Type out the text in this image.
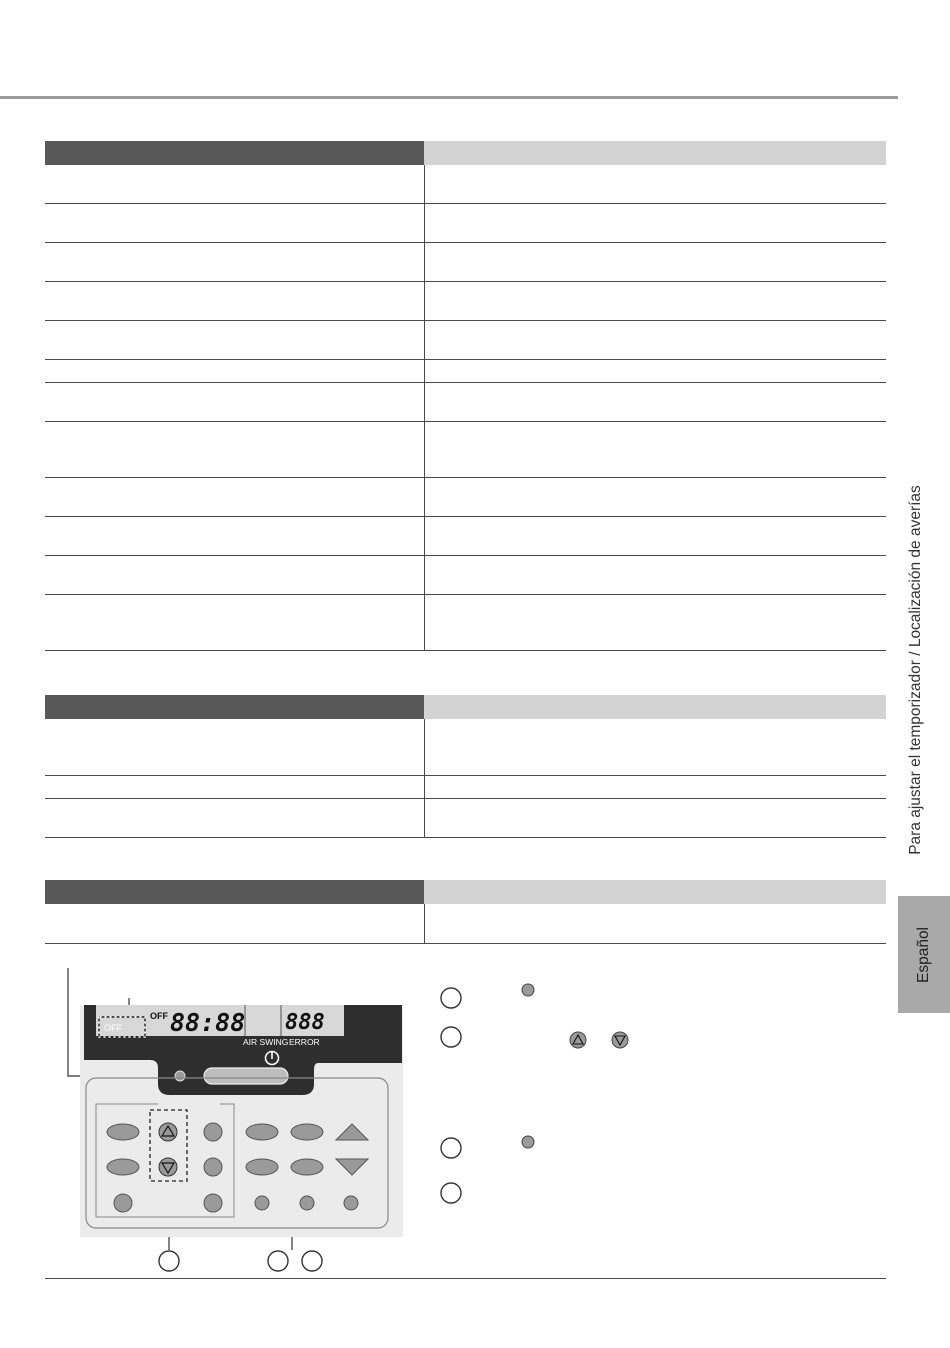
Para ajustar el temporizador / Localización de averías
Español
OFF
OFF 88:88 888
AIR SWING ERROR
